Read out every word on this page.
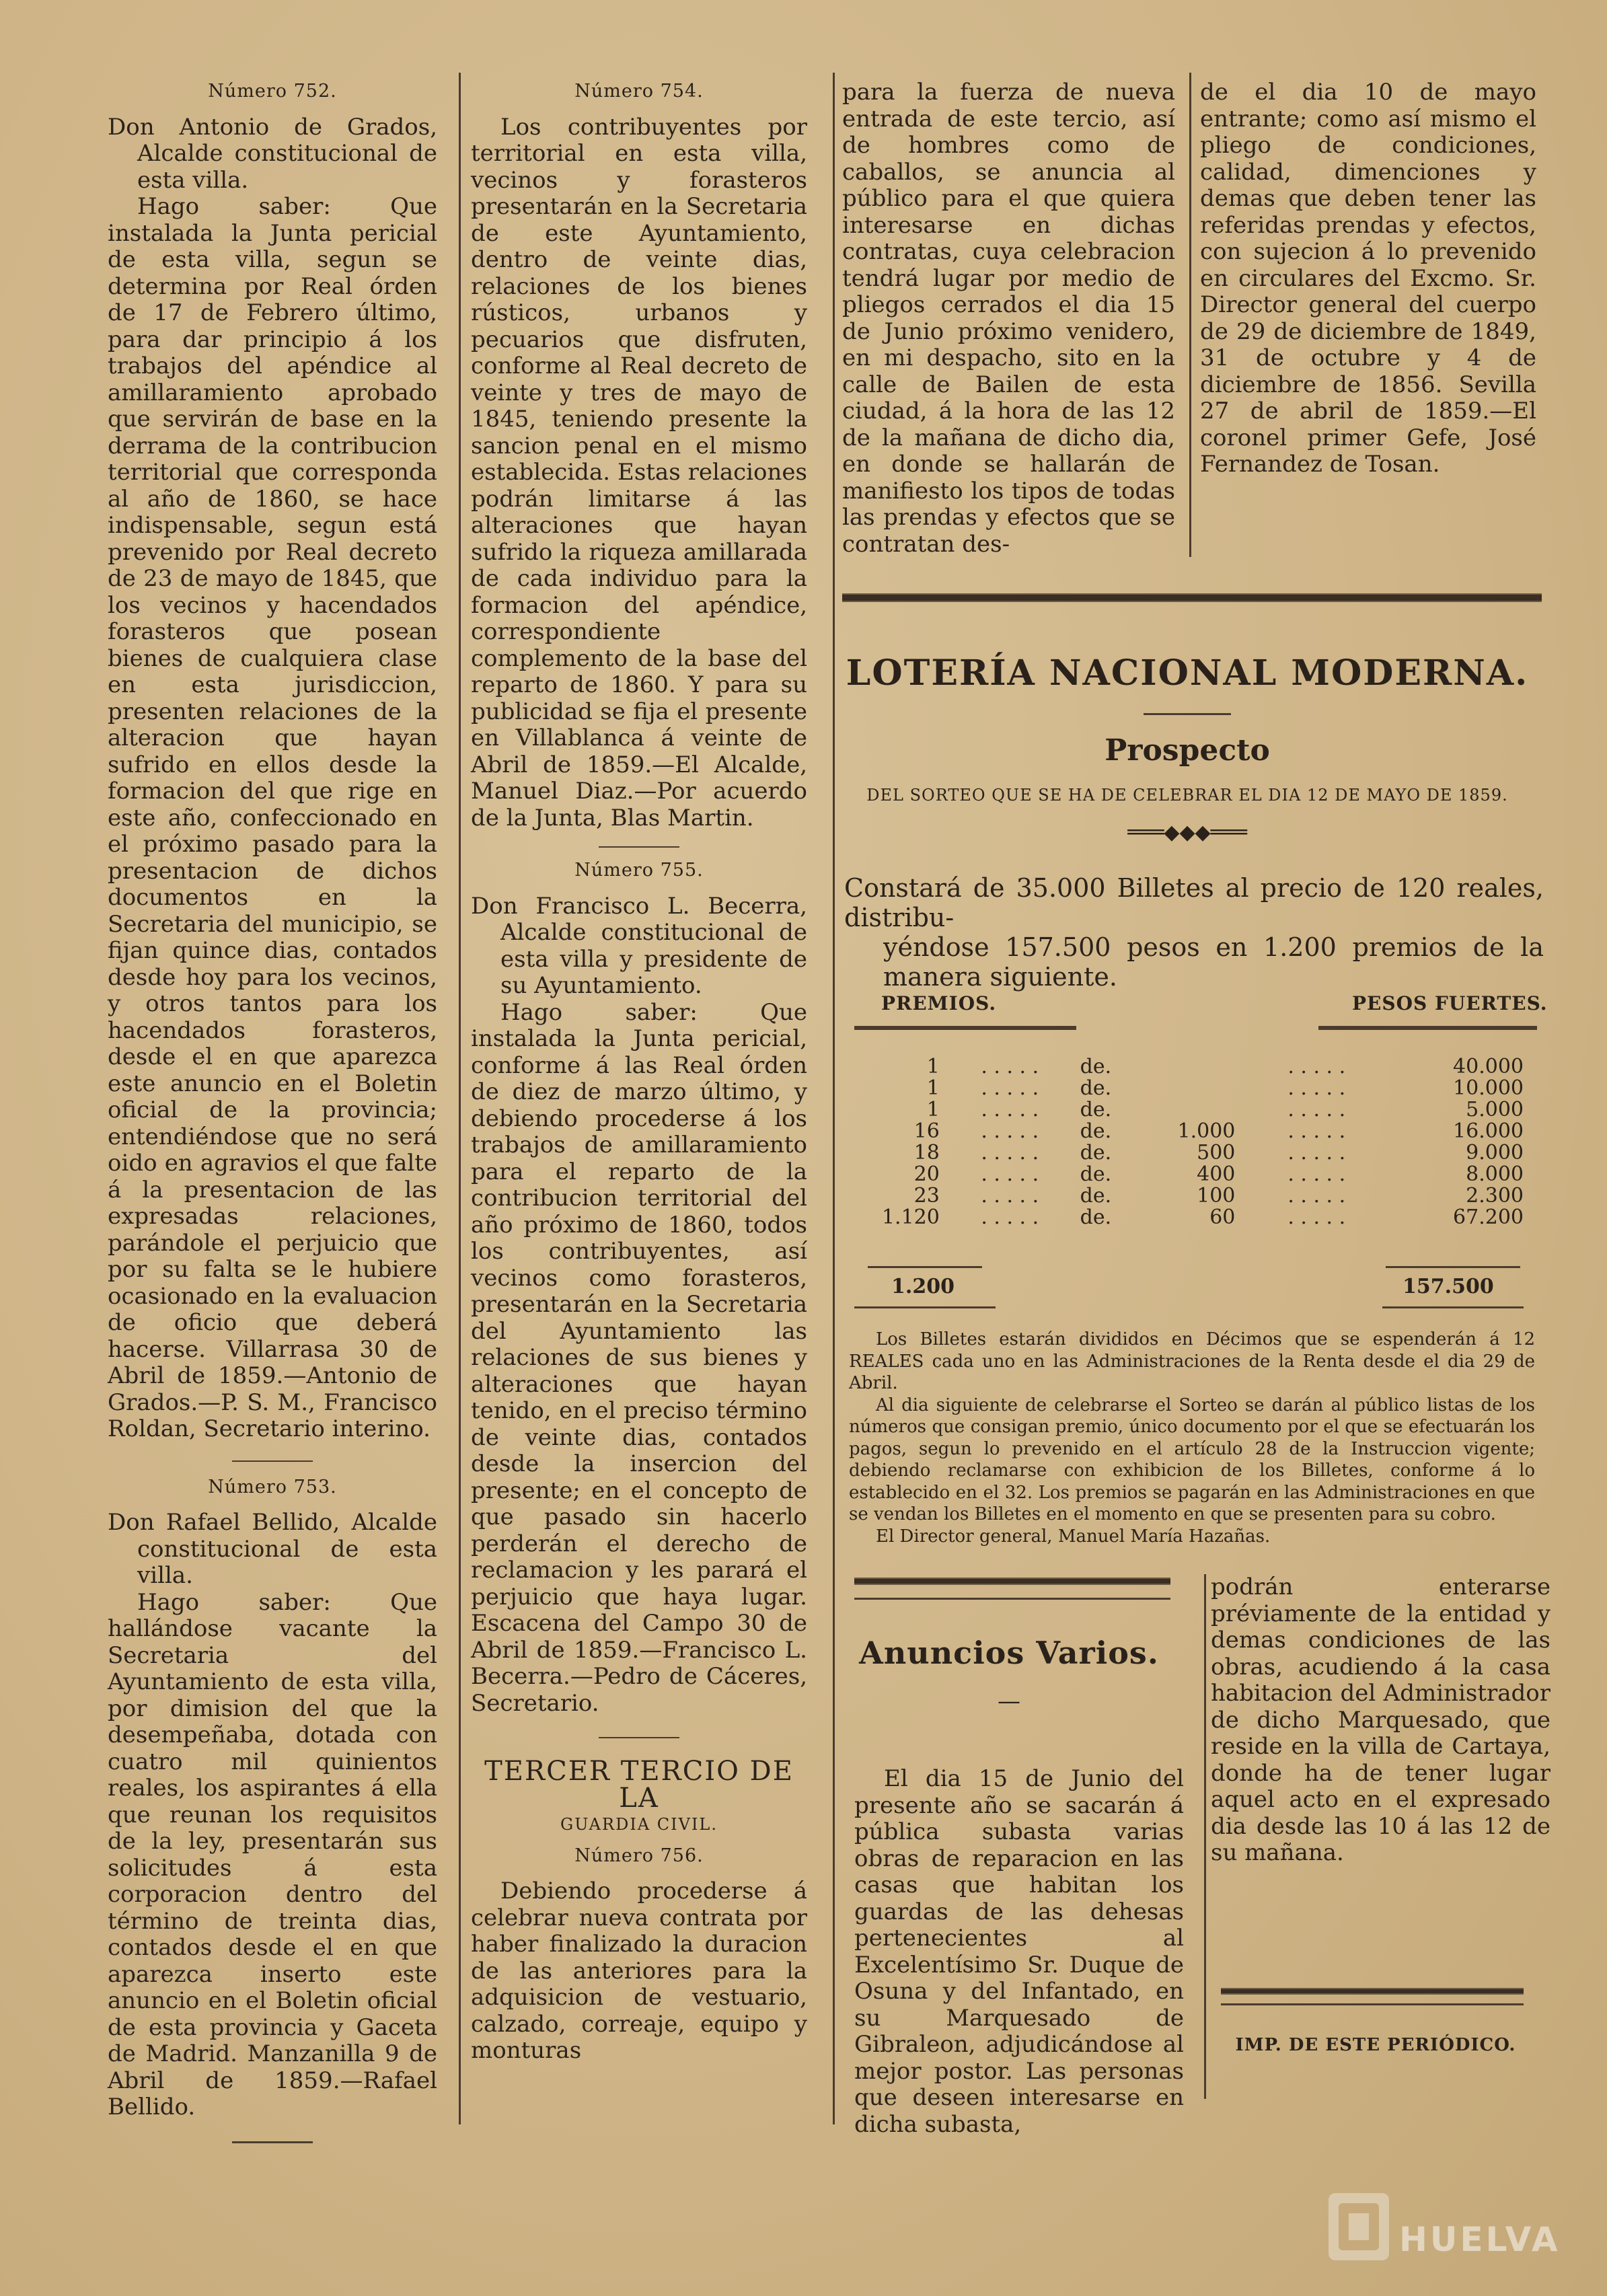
Número 752.

Don Antonio de Grados, Alcalde constitucional de esta villa.

Hago saber: Que instalada la Junta pericial de esta villa, segun se determina por Real órden de 17 de Febrero último, para dar principio á los trabajos del apéndice al amillaramiento aprobado que servirán de base en la derrama de la contribucion territorial que corresponda al año de 1860, se hace indispensable, segun está prevenido por Real decreto de 23 de mayo de 1845, que los vecinos y hacendados forasteros que posean bienes de cualquiera clase en esta jurisdiccion, presenten relaciones de la alteracion que hayan sufrido en ellos desde la formacion del que rige en este año, confeccionado en el próximo pasado para la presentacion de dichos documentos en la Secretaria del municipio, se fijan quince dias, contados desde hoy para los vecinos, y otros tantos para los hacendados forasteros, desde el en que aparezca este anuncio en el Boletin oficial de la provincia; entendiéndose que no será oido en agravios el que falte á la presentacion de las expresadas relaciones, parándole el perjuicio que por su falta se le hubiere ocasionado en la evaluacion de oficio que deberá hacerse. Villarrasa 30 de Abril de 1859.—Antonio de Grados.—P. S. M., Francisco Roldan, Secretario interino.

Número 753.

Don Rafael Bellido, Alcalde constitucional de esta villa.

Hago saber: Que hallándose vacante la Secretaria del Ayuntamiento de esta villa, por dimision del que la desempeñaba, dotada con cuatro mil quinientos reales, los aspirantes á ella que reunan los requisitos de la ley, presentarán sus solicitudes á esta corporacion dentro del término de treinta dias, contados desde el en que aparezca inserto este anuncio en el Boletin oficial de esta provincia y Gaceta de Madrid. Manzanilla 9 de Abril de 1859.—Rafael Bellido.

Número 754.

Los contribuyentes por territorial en esta villa, vecinos y forasteros presentarán en la Secretaria de este Ayuntamiento, dentro de veinte dias, relaciones de los bienes rústicos, urbanos y pecuarios que disfruten, conforme al Real decreto de veinte y tres de mayo de 1845, teniendo presente la sancion penal en el mismo establecida. Estas relaciones podrán limitarse á las alteraciones que hayan sufrido la riqueza amillarada de cada individuo para la formacion del apéndice, correspondiente complemento de la base del reparto de 1860. Y para su publicidad se fija el presente en Villablanca á veinte de Abril de 1859.—El Alcalde, Manuel Diaz.—Por acuerdo de la Junta, Blas Martin.

Número 755.

Don Francisco L. Becerra, Alcalde constitucional de esta villa y presidente de su Ayuntamiento.

Hago saber: Que instalada la Junta pericial, conforme á las Real órden de diez de marzo último, y debiendo procederse á los trabajos de amillaramiento para el reparto de la contribucion territorial del año próximo de 1860, todos los contribuyentes, así vecinos como forasteros, presentarán en la Secretaria del Ayuntamiento las relaciones de sus bienes y alteraciones que hayan tenido, en el preciso término de veinte dias, contados desde la insercion del presente; en el concepto de que pasado sin hacerlo perderán el derecho de reclamacion y les parará el perjuicio que haya lugar. Escacena del Campo 30 de Abril de 1859.—Francisco L. Becerra.—Pedro de Cáceres, Secretario.

TERCER TERCIO DE LA

GUARDIA CIVIL.

Número 756.

Debiendo procederse á celebrar nueva contrata por haber finalizado la duracion de las anteriores para la adquisicion de vestuario, calzado, correaje, equipo y monturas

para la fuerza de nueva entrada de este tercio, así de hombres como de caballos, se anuncia al público para el que quiera interesarse en dichas contratas, cuya celebracion tendrá lugar por medio de pliegos cerrados el dia 15 de Junio próximo venidero, en mi despacho, sito en la calle de Bailen de esta ciudad, á la hora de las 12 de la mañana de dicho dia, en donde se hallarán de manifiesto los tipos de todas las prendas y efectos que se contratan des-

de el dia 10 de mayo entrante; como así mismo el pliego de condiciones, calidad, dimenciones y demas que deben tener las referidas prendas y efectos, con sujecion á lo prevenido en circulares del Excmo. Sr. Director general del cuerpo de 29 de diciembre de 1849, 31 de octubre y 4 de diciembre de 1856. Sevilla 27 de abril de 1859.—El coronel primer Gefe, José Fernandez de Tosan.

LOTERÍA NACIONAL MODERNA.
Prospecto
DEL SORTEO QUE SE HA DE CELEBRAR EL DIA 12 DE MAYO DE 1859.
═══◆◆◆═══
Constará de 35.000 Billetes al precio de 120 reales, distribu-
yéndose 157.500 pesos en 1.200 premios de la manera siguiente.
PREMIOS.	PESOS FUERTES.
1	. . . . .	de.		. . . . .	40.000
1	. . . . .	de.		. . . . .	10.000
1	. . . . .	de.		. . . . .	5.000
16	. . . . .	de.	1.000	. . . . .	16.000
18	. . . . .	de.	500	. . . . .	9.000
20	. . . . .	de.	400	. . . . .	8.000
23	. . . . .	de.	100	. . . . .	2.300
1.120	. . . . .	de.	60	. . . . .	67.200
1.200	157.500

Los Billetes estarán divididos en Décimos que se espenderán á 12 REALES cada uno en las Administraciones de la Renta desde el dia 29 de Abril.

Al dia siguiente de celebrarse el Sorteo se darán al público listas de los números que consigan premio, único documento por el que se efectuarán los pagos, segun lo prevenido en el artículo 28 de la Instruccion vigente; debiendo reclamarse con exhibicion de los Billetes, conforme á lo establecido en el 32. Los premios se pagarán en las Administraciones en que se vendan los Billetes en el momento en que se presenten para su cobro.

El Director general, Manuel María Hazañas.

Anuncios Varios.
—

El dia 15 de Junio del presente año se sacarán á pública subasta varias obras de reparacion en las casas que habitan los guardas de las dehesas pertenecientes al Excelentísimo Sr. Duque de Osuna y del Infantado, en su Marquesado de Gibraleon, adjudicándose al mejor postor. Las personas que deseen interesarse en dicha subasta,

podrán enterarse préviamente de la entidad y demas condiciones de las obras, acudiendo á la casa habitacion del Administrador de dicho Marquesado, que reside en la villa de Cartaya, donde ha de tener lugar aquel acto en el expresado dia desde las 10 á las 12 de su mañana.

IMP. DE ESTE PERIÓDICO.
HUELVA
